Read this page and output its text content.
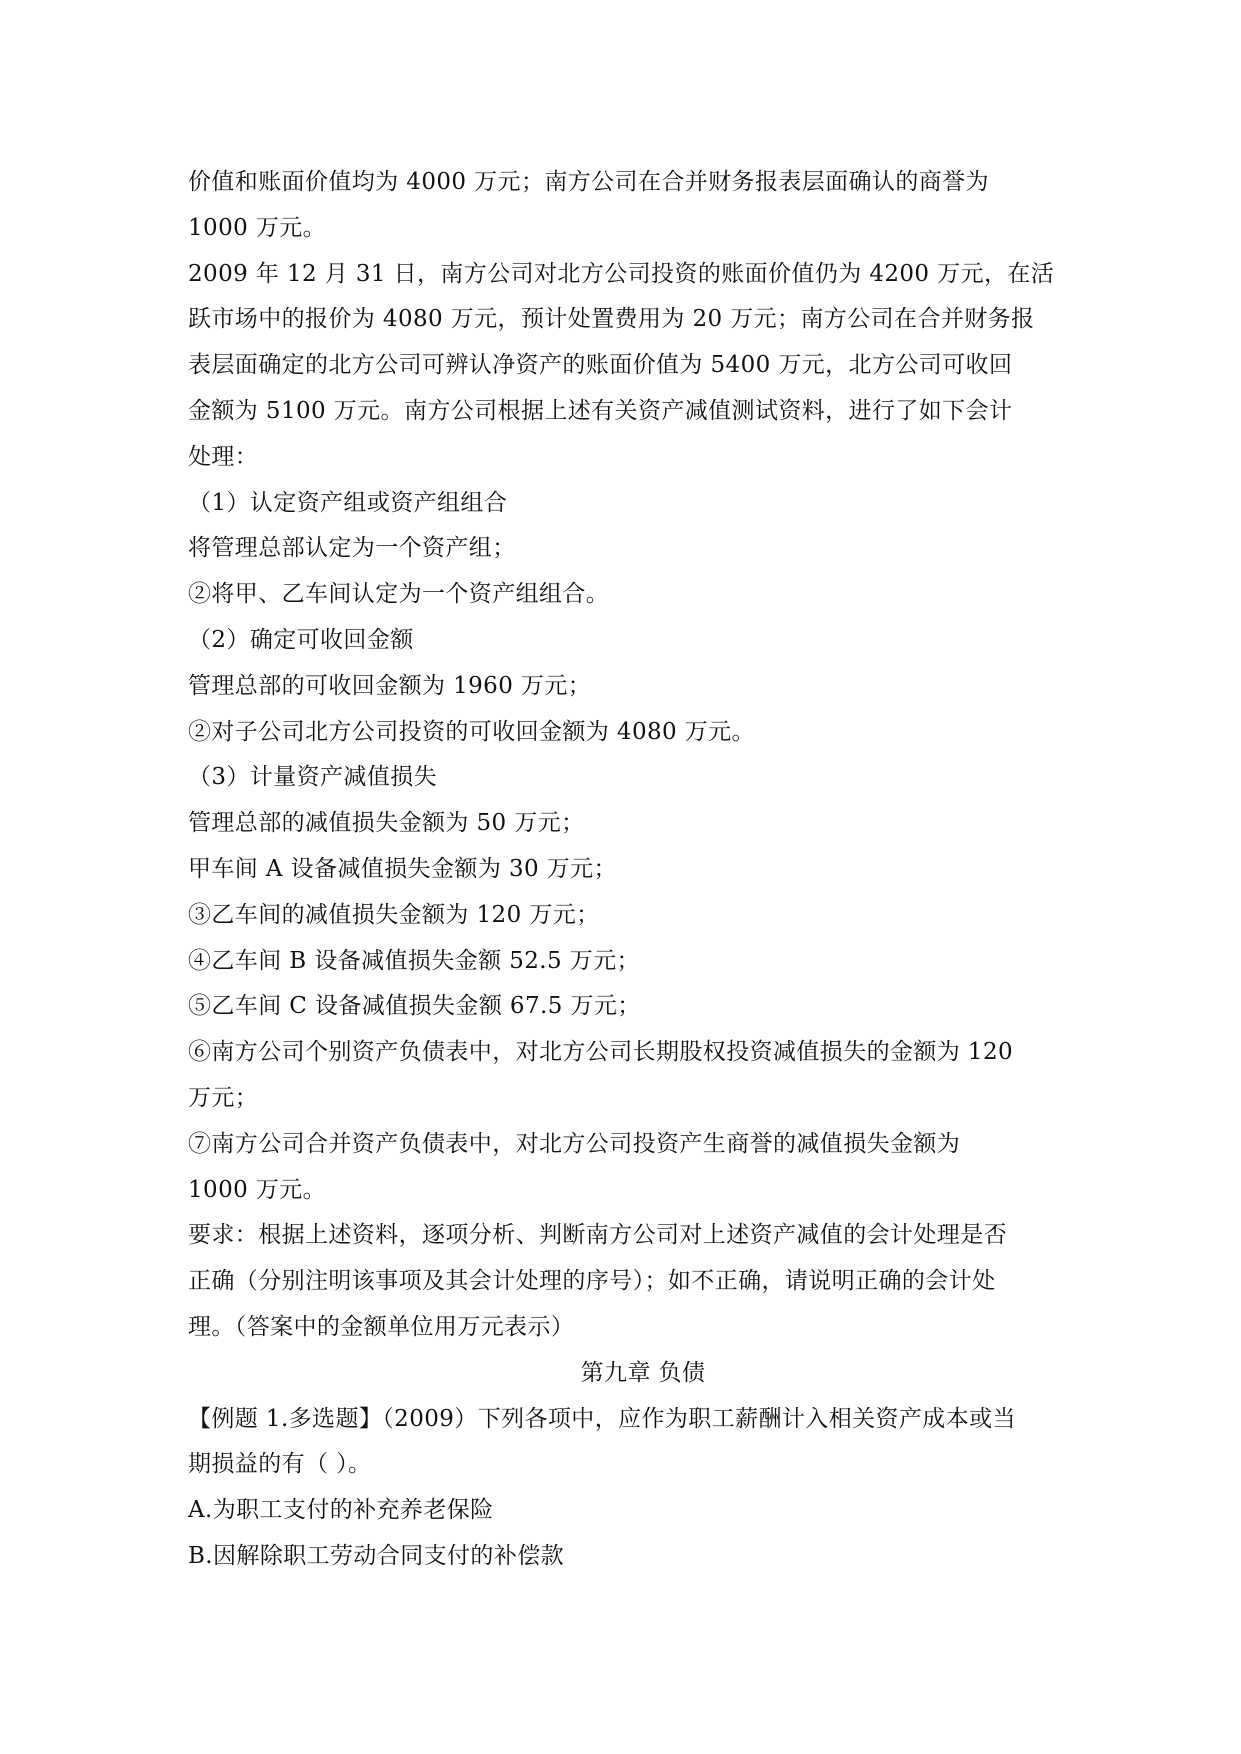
价值和账面价值均为 4000 万元；南方公司在合并财务报表层面确认的商誉为
1000 万元。
2009 年 12 月 31 日，南方公司对北方公司投资的账面价值仍为 4200 万元，在活
跃市场中的报价为 4080 万元，预计处置费用为 20 万元；南方公司在合并财务报
表层面确定的北方公司可辨认净资产的账面价值为 5400 万元，北方公司可收回
金额为 5100 万元。南方公司根据上述有关资产减值测试资料，进行了如下会计
处理：
（1）认定资产组或资产组组合
将管理总部认定为一个资产组；
②将甲、乙车间认定为一个资产组组合。
（2）确定可收回金额
管理总部的可收回金额为 1960 万元；
②对子公司北方公司投资的可收回金额为 4080 万元。
（3）计量资产减值损失
管理总部的减值损失金额为 50 万元；
甲车间 A 设备减值损失金额为 30 万元；
③乙车间的减值损失金额为 120 万元；
④乙车间 B 设备减值损失金额 52.5 万元；
⑤乙车间 C 设备减值损失金额 67.5 万元；
⑥南方公司个别资产负债表中，对北方公司长期股权投资减值损失的金额为 120
万元；
⑦南方公司合并资产负债表中，对北方公司投资产生商誉的减值损失金额为
1000 万元。
要求：根据上述资料，逐项分析、判断南方公司对上述资产减值的会计处理是否
正确（分别注明该事项及其会计处理的序号）；如不正确，请说明正确的会计处
理。（答案中的金额单位用万元表示）
第九章 负债
【例题 1.多选题】（2009）下列各项中，应作为职工薪酬计入相关资产成本或当
期损益的有（ ）。
A.为职工支付的补充养老保险
B.因解除职工劳动合同支付的补偿款
